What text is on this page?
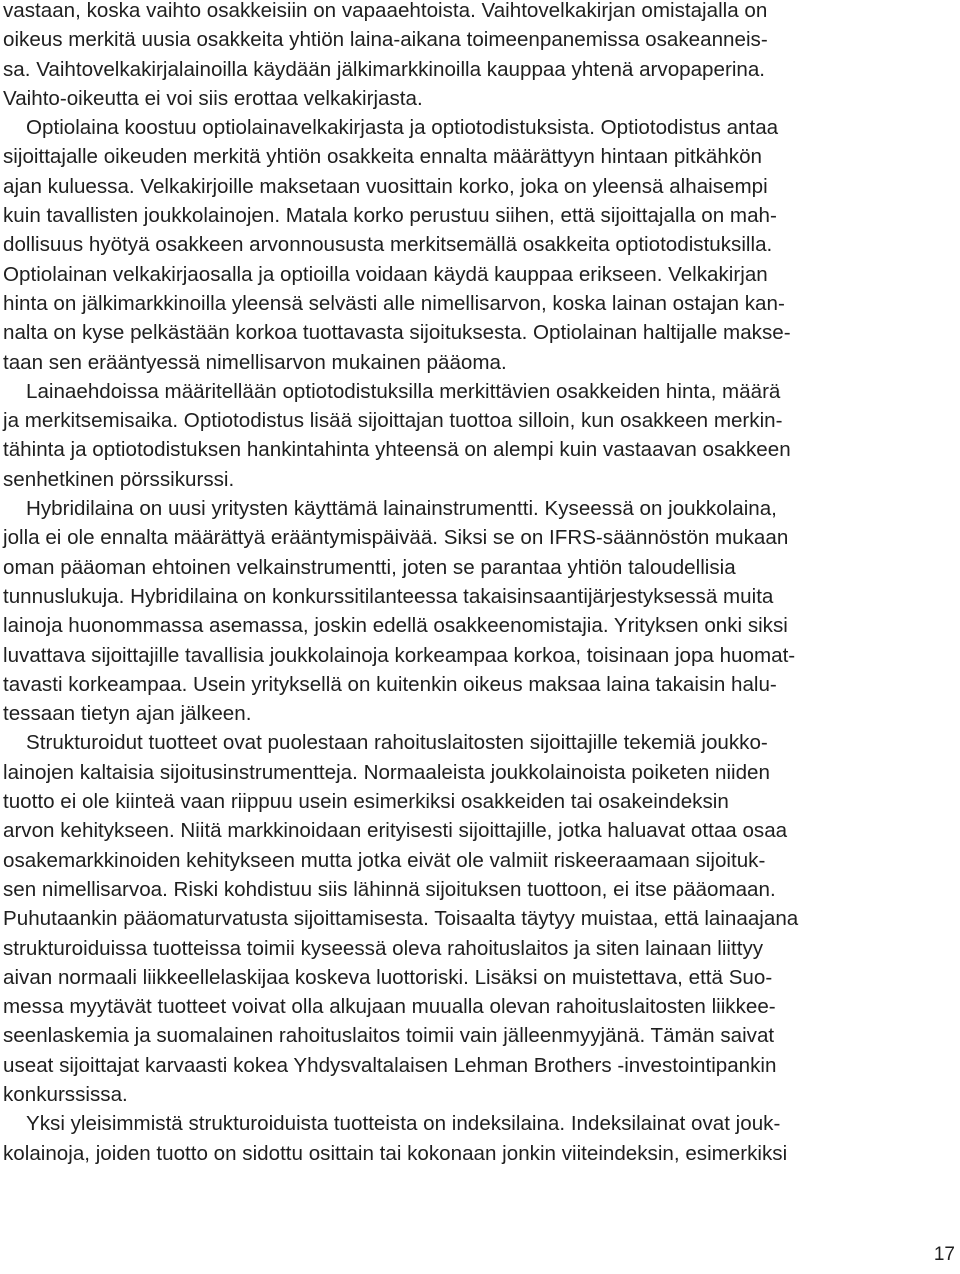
vastaan, koska vaihto osakkeisiin on vapaaehtoista. Vaihtovelkakirjan omistajalla on
oikeus merkitä uusia osakkeita yhtiön laina-aikana toimeenpanemissa osakeanneis-
sa. Vaihtovelkakirjalainoilla käydään jälkimarkkinoilla kauppaa yhtenä arvopaperina.
Vaihto-oikeutta ei voi siis erottaa velkakirjasta.
Optiolaina koostuu optiolainavelkakirjasta ja optiotodistuksista. Optiotodistus antaa
sijoittajalle oikeuden merkitä yhtiön osakkeita ennalta määrättyyn hintaan pitkähkön
ajan kuluessa. Velkakirjoille maksetaan vuosittain korko, joka on yleensä alhaisempi
kuin tavallisten joukkolainojen. Matala korko perustuu siihen, että sijoittajalla on mah-
dollisuus hyötyä osakkeen arvonnoususta merkitsemällä osakkeita optiotodistuksilla.
Optiolainan velkakirjaosalla ja optioilla voidaan käydä kauppaa erikseen. Velkakirjan
hinta on jälkimarkkinoilla yleensä selvästi alle nimellisarvon, koska lainan ostajan kan-
nalta on kyse pelkästään korkoa tuottavasta sijoituksesta. Optiolainan haltijalle makse-
taan sen erääntyessä nimellisarvon mukainen pääoma.
Lainaehdoissa määritellään optiotodistuksilla merkittävien osakkeiden hinta, määrä
ja merkitsemisaika. Optiotodistus lisää sijoittajan tuottoa silloin, kun osakkeen merkin-
tähinta ja optiotodistuksen hankintahinta yhteensä on alempi kuin vastaavan osakkeen
senhetkinen pörssikurssi.
Hybridilaina on uusi yritysten käyttämä lainainstrumentti. Kyseessä on joukkolaina,
jolla ei ole ennalta määrättyä erääntymispäivää. Siksi se on IFRS-säännöstön mukaan
oman pääoman ehtoinen velkainstrumentti, joten se parantaa yhtiön taloudellisia
tunnuslukuja. Hybridilaina on konkurssitilanteessa takaisinsaantijärjestyksessä muita
lainoja huonommassa asemassa, joskin edellä osakkeenomistajia. Yrityksen onki siksi
luvattava sijoittajille tavallisia joukkolainoja korkeampaa korkoa, toisinaan jopa huomat-
tavasti korkeampaa. Usein yrityksellä on kuitenkin oikeus maksaa laina takaisin halu-
tessaan tietyn ajan jälkeen.
Strukturoidut tuotteet ovat puolestaan rahoituslaitosten sijoittajille tekemiä joukko-
lainojen kaltaisia sijoitusinstrumentteja. Normaaleista joukkolainoista poiketen niiden
tuotto ei ole kiinteä vaan riippuu usein esimerkiksi osakkeiden tai osakeindeksin
arvon kehitykseen. Niitä markkinoidaan erityisesti sijoittajille, jotka haluavat ottaa osaa
osakemarkkinoiden kehitykseen mutta jotka eivät ole valmiit riskeeraamaan sijoituk-
sen nimellisarvoa. Riski kohdistuu siis lähinnä sijoituksen tuottoon, ei itse pääomaan.
Puhutaankin pääomaturvatusta sijoittamisesta. Toisaalta täytyy muistaa, että lainaajana
strukturoiduissa tuotteissa toimii kyseessä oleva rahoituslaitos ja siten lainaan liittyy
aivan normaali liikkeellelaskijaa koskeva luottoriski. Lisäksi on muistettava, että Suo-
messa myytävät tuotteet voivat olla alkujaan muualla olevan rahoituslaitosten liikkee-
seenlaskemia ja suomalainen rahoituslaitos toimii vain jälleenmyyjänä. Tämän saivat
useat sijoittajat karvaasti kokea Yhdysvaltalaisen Lehman Brothers -investointipankin
konkurssissa.
Yksi yleisimmistä strukturoiduista tuotteista on indeksilaina. Indeksilainat ovat jouk-
kolainoja, joiden tuotto on sidottu osittain tai kokonaan jonkin viiteindeksin, esimerkiksi
17
